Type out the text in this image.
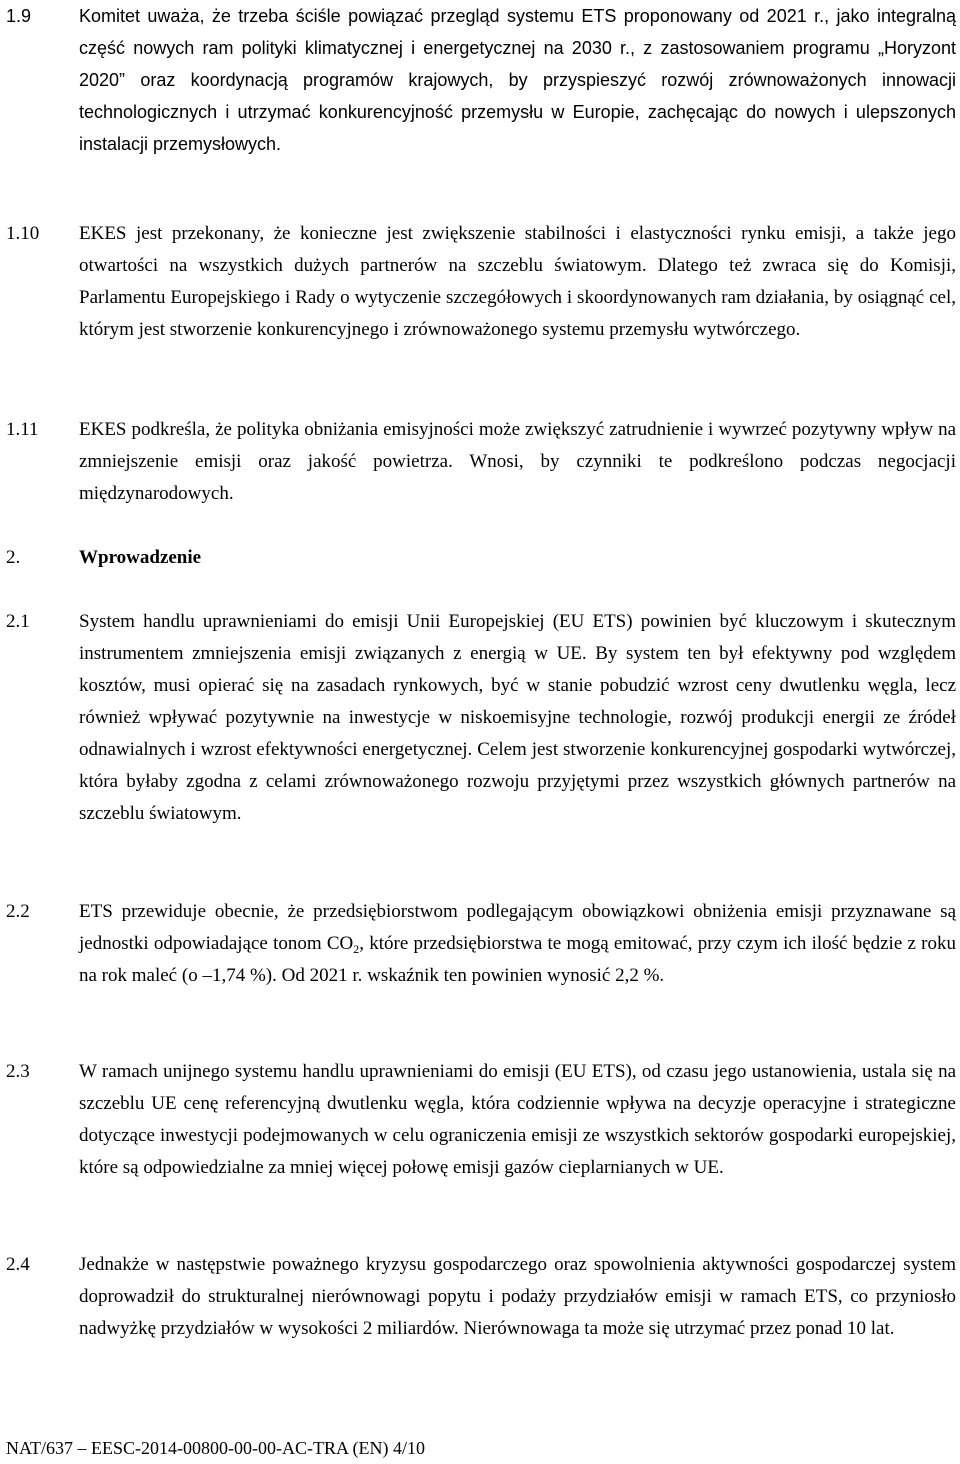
1.9	Komitet uważa, że trzeba ściśle powiązać przegląd systemu ETS proponowany od 2021 r., jako integralną część nowych ram polityki klimatycznej i energetycznej na 2030 r., z zastosowaniem programu „Horyzont 2020” oraz koordynacją programów krajowych, by przyspieszyć rozwój zrównoważonych innowacji technologicznych i utrzymać konkurencyjność przemysłu w Europie, zachęcając do nowych i ulepszonych instalacji przemysłowych.
1.10	EKES jest przekonany, że konieczne jest zwiększenie stabilności i elastyczności rynku emisji, a także jego otwartości na wszystkich dużych partnerów na szczeblu światowym. Dlatego też zwraca się do Komisji, Parlamentu Europejskiego i Rady o wytyczenie szczegółowych i skoordynowanych ram działania, by osiągnąć cel, którym jest stworzenie konkurencyjnego i zrównoważonego systemu przemysłu wytwórczego.
1.11	EKES podkreśla, że polityka obniżania emisyjności może zwiększyć zatrudnienie i wywrzeć pozytywny wpływ na zmniejszenie emisji oraz jakość powietrza. Wnosi, by czynniki te podkreślono podczas negocjacji międzynarodowych.
2.	Wprowadzenie
2.1	System handlu uprawnieniami do emisji Unii Europejskiej (EU ETS) powinien być kluczowym i skutecznym instrumentem zmniejszenia emisji związanych z energią w UE. By system ten był efektywny pod względem kosztów, musi opierać się na zasadach rynkowych, być w stanie pobudzić wzrost ceny dwutlenku węgla, lecz również wpływać pozytywnie na inwestycje w niskoemisyjne technologie, rozwój produkcji energii ze źródeł odnawialnych i wzrost efektywności energetycznej. Celem jest stworzenie konkurencyjnej gospodarki wytwórczej, która byłaby zgodna z celami zrównoważonego rozwoju przyjętymi przez wszystkich głównych partnerów na szczeblu światowym.
2.2	ETS przewiduje obecnie, że przedsiębiorstwom podlegającym obowiązkowi obniżenia emisji przyznawane są jednostki odpowiadające tonom $CO_2$, które przedsiębiorstwa te mogą emitować, przy czym ich ilość będzie z roku na rok maleć (o –1,74 %). Od 2021 r. wskaźnik ten powinien wynosić 2,2 %.
2.3	W ramach unijnego systemu handlu uprawnieniami do emisji (EU ETS), od czasu jego ustanowienia, ustala się na szczeblu UE cenę referencyjną dwutlenku węgla, która codziennie wpływa na decyzje operacyjne i strategiczne dotyczące inwestycji podejmowanych w celu ograniczenia emisji ze wszystkich sektorów gospodarki europejskiej, które są odpowiedzialne za mniej więcej połowę emisji gazów cieplarnianych w UE.
2.4	Jednakże w następstwie poważnego kryzysu gospodarczego oraz spowolnienia aktywności gospodarczej system doprowadził do strukturalnej nierównowagi popytu i podaży przydziałów emisji w ramach ETS, co przyniosło nadwyżkę przydziałów w wysokości 2 miliardów. Nierównowaga ta może się utrzymać przez ponad 10 lat.
NAT/637 – EESC-2014-00800-00-00-AC-TRA (EN) 4/10
